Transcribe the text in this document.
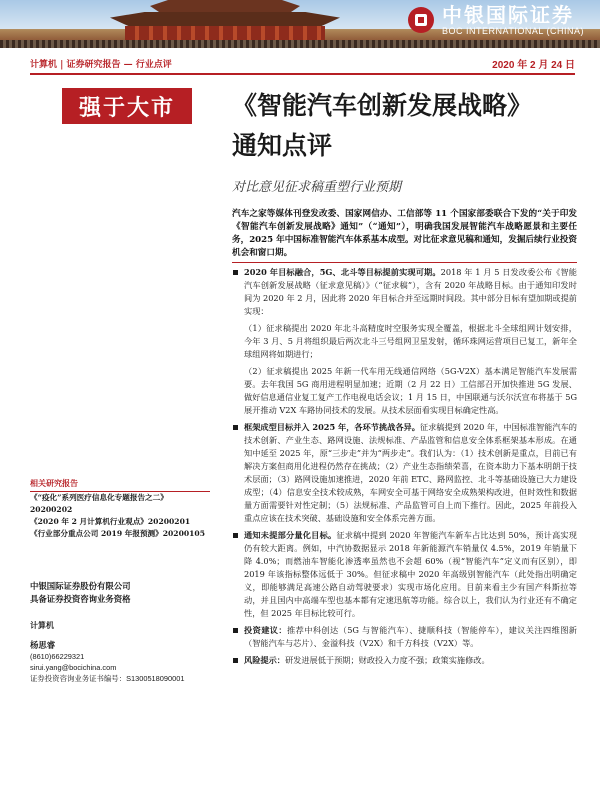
中银国际证券
BOC INTERNATIONAL (CHINA)
计算机 | 证券研究报告 — 行业点评	2020 年 2 月 24 日
强于大市	《智能汽车创新发展战略》
通知点评
对比意见征求稿重塑行业预期
汽车之家等媒体刊登发改委、国家网信办、工信部等 11 个国家部委联合下发的“关于印发《智能汽车创新发展战略》通知”（“通知”），明确我国发展智能汽车战略愿景和主要任务，2025 年中国标准智能汽车体系基本成型。对比征求意见稿和通知，发掘后续行业投资机会和窗口期。
2020 年目标融合，5G、北斗等目标提前实现可期。2018 年 1 月 5 日发改委公布《智能汽车创新发展战略（征求意见稿）》（“征求稿”），含有 2020 年战略目标。由于通知印发时间为 2020 年 2 月，因此将 2020 年目标合并至远期时间段。其中部分目标有望加期或提前实现：
（1）征求稿提出 2020 年北斗高精度时空服务实现全覆盖，根据北斗全球组网计划安排，今年 3 月、5 月将组织最后两次北斗三号组网卫星发射，循环珠网运营项目已复工，新年全球组网将如期进行；
（2）征求稿提出 2025 年新一代车用无线通信网络（5G-V2X）基本满足智能汽车发展需要。去年我国 5G 商用进程明显加速；近期（2 月 22 日）工信部召开加快推进 5G 发展、做好信息通信业复工复产工作电视电话会议；1 月 15 日，中国联通与沃尔沃宣布将基于 5G 展开推动 V2X 车路协同技术的发展。从技术层面看实现目标确定性高。
框架成型目标并入 2025 年，各环节挑战各异。征求稿提到 2020 年，中国标准智能汽车的技术创新、产业生态、路网设施、法规标准、产品监管和信息安全体系框架基本形成。在通知中延至 2025 年，原“三步走”并为“两步走”。我们认为：（1）技术创新是重点，目前已有解决方案但商用化进程仍然存在挑战；（2）产业生态指绩荣喜，在资本助力下基本明朗于技术层面；（3）路网设施加速推进，2020 年前 ETC、路网监控、北斗等基础设施已大力建设成型；（4）信息安全技术较成熟，车网安全可基于网络安全成熟架构改进，但时效性和数据量方面需要针对性定制；（5）法规标准、产品监管可自上而下推行。因此，2025 年前投入重点应该在技术突破、基础设施和安全体系完善方面。
通知未提部分量化目标。征求稿中提到 2020 年智能汽车新车占比达到 50%，预计高实现仍有较大距离。例如，中汽协数据显示 2018 年新能源汽车销量仅 4.5%，2019 年销量下降 4.0%；而燃油车智能化渗透率虽然也不会超 60%（视“智能汽车”定义而有区别），即 2019 年该指标整体远低于 30%。但征求稿中 2020 年高级别智能汽车（此处指出明确定义，即能够满足高速公路自动驾驶要求）实现市场化应用。目前来看主少有国产科斯拉等动，并且国内中高端车型也基本都有定速迅航等功能。综合以上，我们认为行业还有不确定性，但 2025 年目标比较可行。
投资建议：推荐中科创达（5G 与智能汽车）、捷顺科技（智能停车），建议关注四维图新（智能汽车与芯片）、金溢科技（V2X）和千方科技（V2X）等。
风险提示：研发进展低于预期；财政投入力度不强；政策实施修改。
相关研究报告
《“疫化”系列医疗信息化专题报告之二》20200202
《2020 年 2 月计算机行业观点》20200201
《行业部分重点公司 2019 年报预测》20200105
中银国际证券股份有限公司
具备证券投资咨询业务资格
计算机
杨思睿
(8610)66229321
sirui.yang@bocichina.com
证券投资咨询业务证书编号：S1300518090001
